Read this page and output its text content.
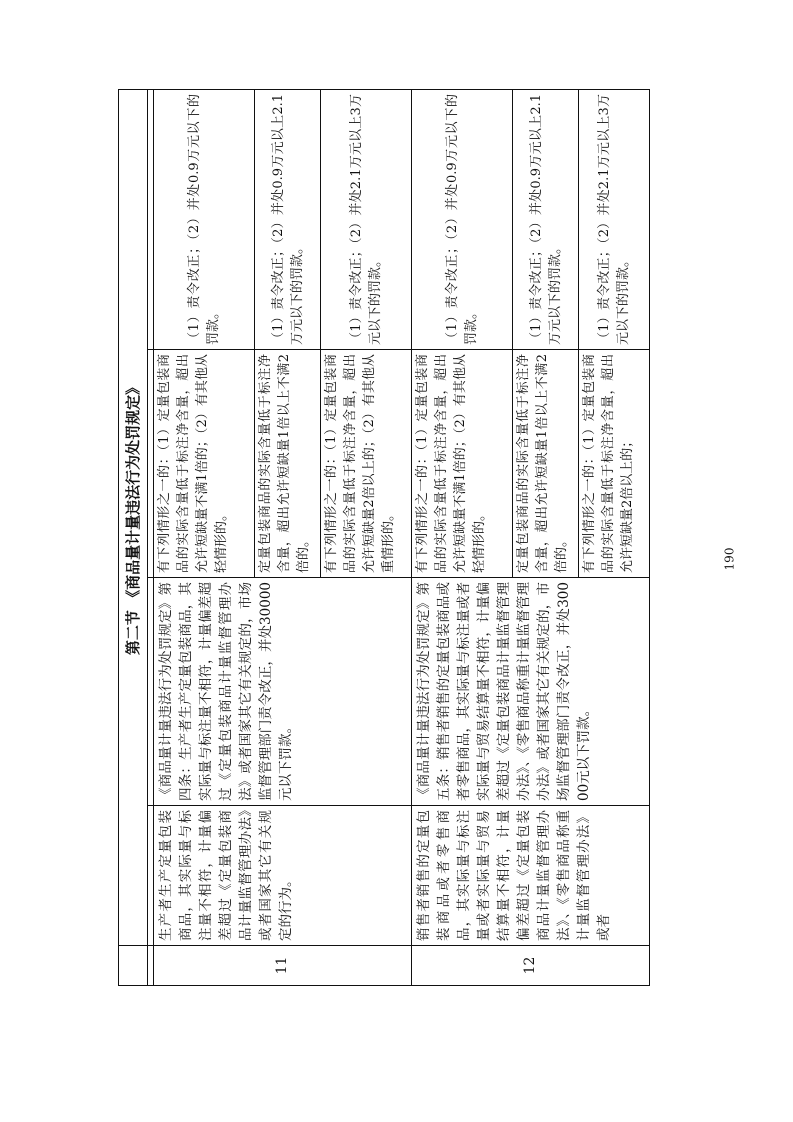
	第二节 《商品量计量违法行为处罚规定》			

11	生产者生产定量包装商品，其实际量与标注量不相符，计量偏差超过《定量包装商品计量监督管理办法》或者国家其它有关规定的行为。	《商品量计量违法行为处罚规定》第四条：生产者生产定量包装商品，其实际量与标注量不相符，计量偏差超过《定量包装商品计量监督管理办法》或者国家其它有关规定的，市场监督管理部门责令改正，并处30000元以下罚款。	有下列情形之一的：（1）定量包装商品的实际含量低于标注净含量，超出允许短缺量不满1倍的；（2）有其他从轻情形的。	（1）责令改正；（2）并处0.9万元以下的罚款。
			定量包装商品的实际含量低于标注净含量，超出允许短缺量1倍以上不满2倍的。	（1）责令改正；（2）并处0.9万元以上2.1万元以下的罚款。
			有下列情形之一的：（1）定量包装商品的实际含量低于标注净含量，超出允许短缺量2倍以上的；（2）有其他从重情形的。	（1）责令改正；（2）并处2.1万元以上3万元以下的罚款。
12	销售者销售的定量包装商品或者零售商品，其实际量与标注量或者实际量与贸易结算量不相符，计量偏差超过《定量包装商品计量监督管理办法》、《零售商品称重计量监督管理办法》或者	《商品量计量违法行为处罚规定》第五条：销售者销售的定量包装商品或者零售商品，其实际量与标注量或者实际量与贸易结算量不相符，计量偏差超过《定量包装商品计量监督管理办法》、《零售商品称重计量监督管理办法》或者国家其它有关规定的，市场监督管理部门责令改正，并处30000元以下罚款。	有下列情形之一的：（1）定量包装商品的实际含量低于标注净含量，超出允许短缺量不满1倍的；（2）有其他从轻情形的。	（1）责令改正；（2）并处0.9万元以下的罚款。
			定量包装商品的实际含量低于标注净含量，超出允许短缺量1倍以上不满2倍的。	（1）责令改正；（2）并处0.9万元以上2.1万元以下的罚款。
			有下列情形之一的：（1）定量包装商品的实际含量低于标注净含量，超出允许短缺量2倍以上的；	（1）责令改正；（2）并处2.1万元以上3万元以下的罚款。
190
